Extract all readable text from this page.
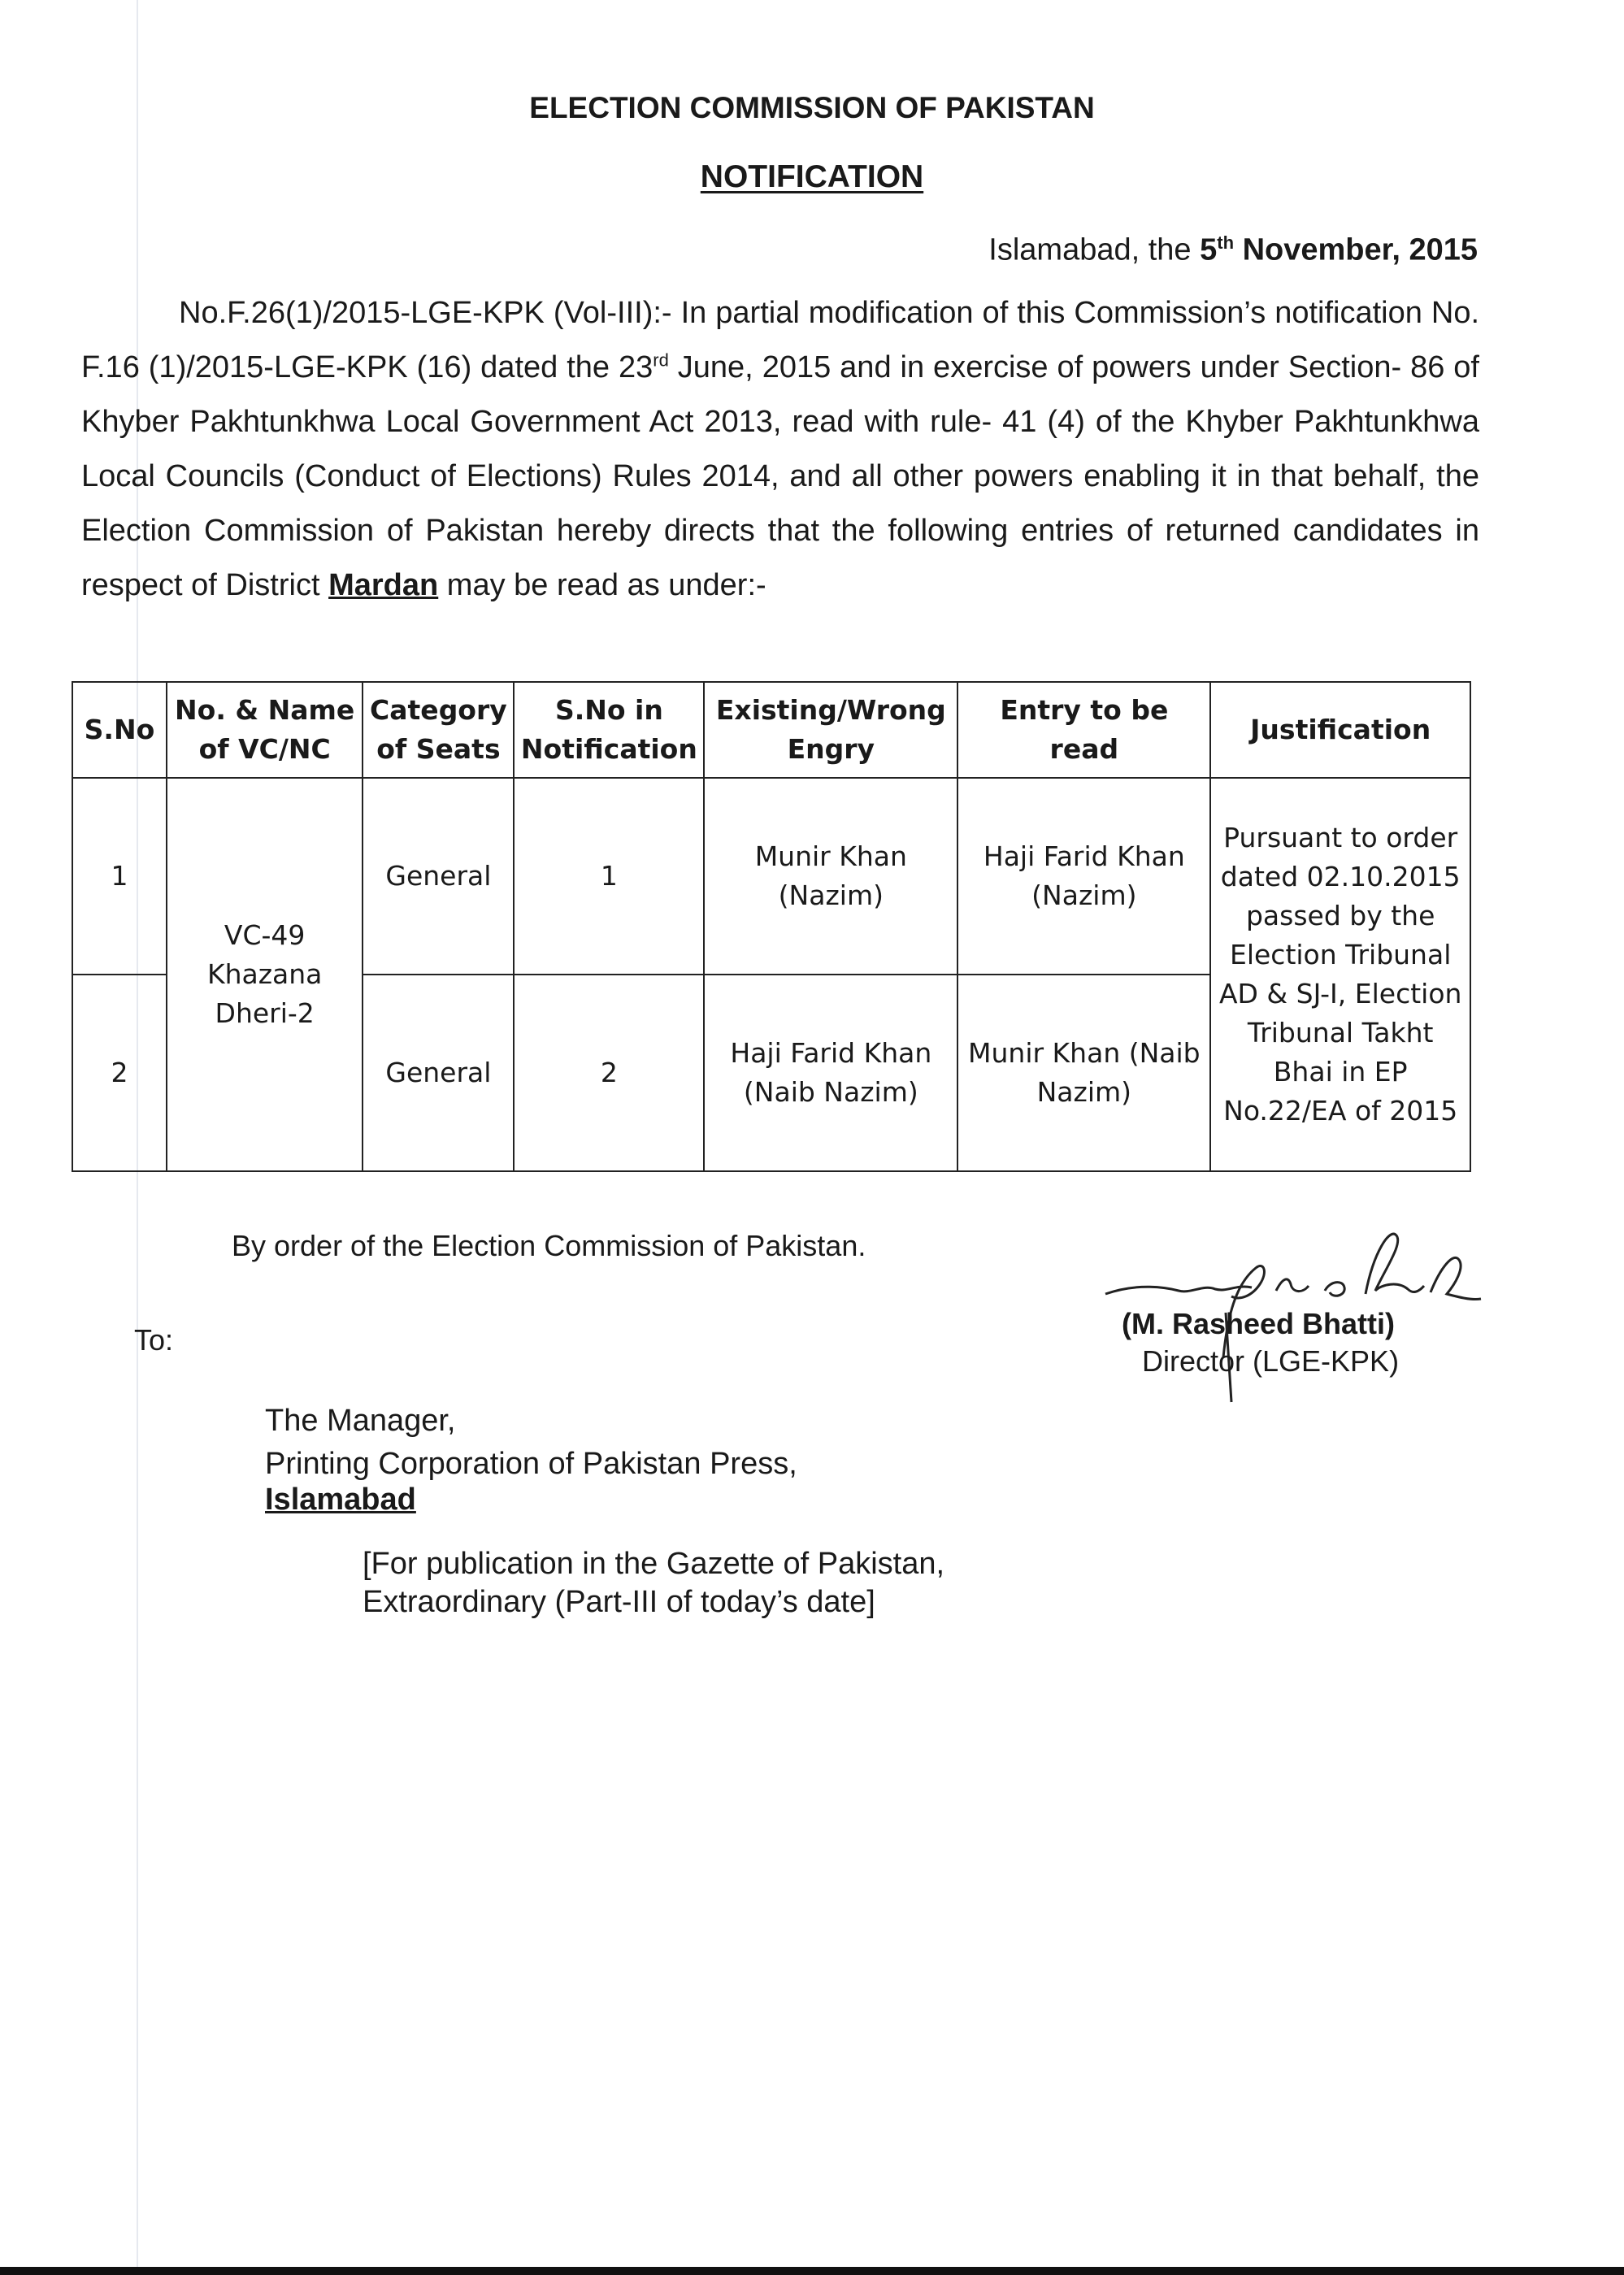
ELECTION COMMISSION OF PAKISTAN
NOTIFICATION
Islamabad, the 5th November, 2015
No.F.26(1)/2015-LGE-KPK (Vol-III):- In partial modification of this Commission’s notification No. F.16 (1)/2015-LGE-KPK (16) dated the 23rd June, 2015 and in exercise of powers under Section- 86 of Khyber Pakhtunkhwa Local Government Act 2013, read with rule- 41 (4) of the Khyber Pakhtunkhwa Local Councils (Conduct of Elections) Rules 2014, and all other powers enabling it in that behalf, the Election Commission of Pakistan hereby directs that the following entries of returned candidates in respect of District Mardan may be read as under:-
S.No	No. & Name of VC/NC	Category of Seats	S.No in Notification	Existing/Wrong Engry	Entry to be read	Justification
1	VC-49 Khazana Dheri-2	General	1	Munir Khan (Nazim)	Haji Farid Khan (Nazim)	Pursuant to order dated 02.10.2015 passed by the Election Tribunal AD & SJ-I, Election Tribunal Takht Bhai in EP No.22/EA of 2015
2		General	2	Haji Farid Khan (Naib Nazim)	Munir Khan (Naib Nazim)	
By order of the Election Commission of Pakistan.
To:	(M. Rasheed Bhatti)
Director (LGE-KPK)
The Manager,
Printing Corporation of Pakistan Press,
Islamabad
[For publication in the Gazette of Pakistan,
Extraordinary (Part-III of today’s date]
